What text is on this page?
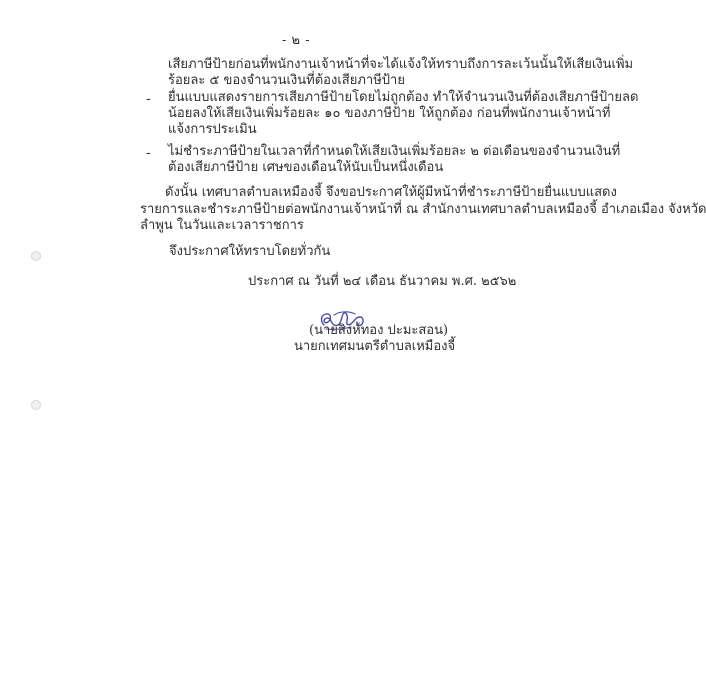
- ๒ -
เสียภาษีป้ายก่อนที่พนักงานเจ้าหน้าที่จะได้แจ้งให้ทราบถึงการละเว้นนั้นให้เสียเงินเพิ่ม
ร้อยละ ๕ ของจำนวนเงินที่ต้องเสียภาษีป้าย
- ยื่นแบบแสดงรายการเสียภาษีป้ายโดยไม่ถูกต้อง ทำให้จำนวนเงินที่ต้องเสียภาษีป้ายลด
น้อยลงให้เสียเงินเพิ่มร้อยละ ๑๐ ของภาษีป้าย ให้ถูกต้อง ก่อนที่พนักงานเจ้าหน้าที่
แจ้งการประเมิน
- ไม่ชำระภาษีป้ายในเวลาที่กำหนดให้เสียเงินเพิ่มร้อยละ ๒ ต่อเดือนของจำนวนเงินที่
ต้องเสียภาษีป้าย เศษของเดือนให้นับเป็นหนึ่งเดือน
ดังนั้น เทศบาลตำบลเหมืองจี้ จึงขอประกาศให้ผู้มีหน้าที่ชำระภาษีป้ายยื่นแบบแสดง
รายการและชำระภาษีป้ายต่อพนักงานเจ้าหน้าที่ ณ สำนักงานเทศบาลตำบลเหมืองจี้ อำเภอเมือง จังหวัด
ลำพูน ในวันและเวลาราชการ
จึงประกาศให้ทราบโดยทั่วกัน
ประกาศ ณ วันที่ ๒๔ เดือน ธันวาคม พ.ศ. ๒๕๖๒
(นายสิงห์ทอง ปะมะสอน)
นายกเทศมนตรีตำบลเหมืองจี้
